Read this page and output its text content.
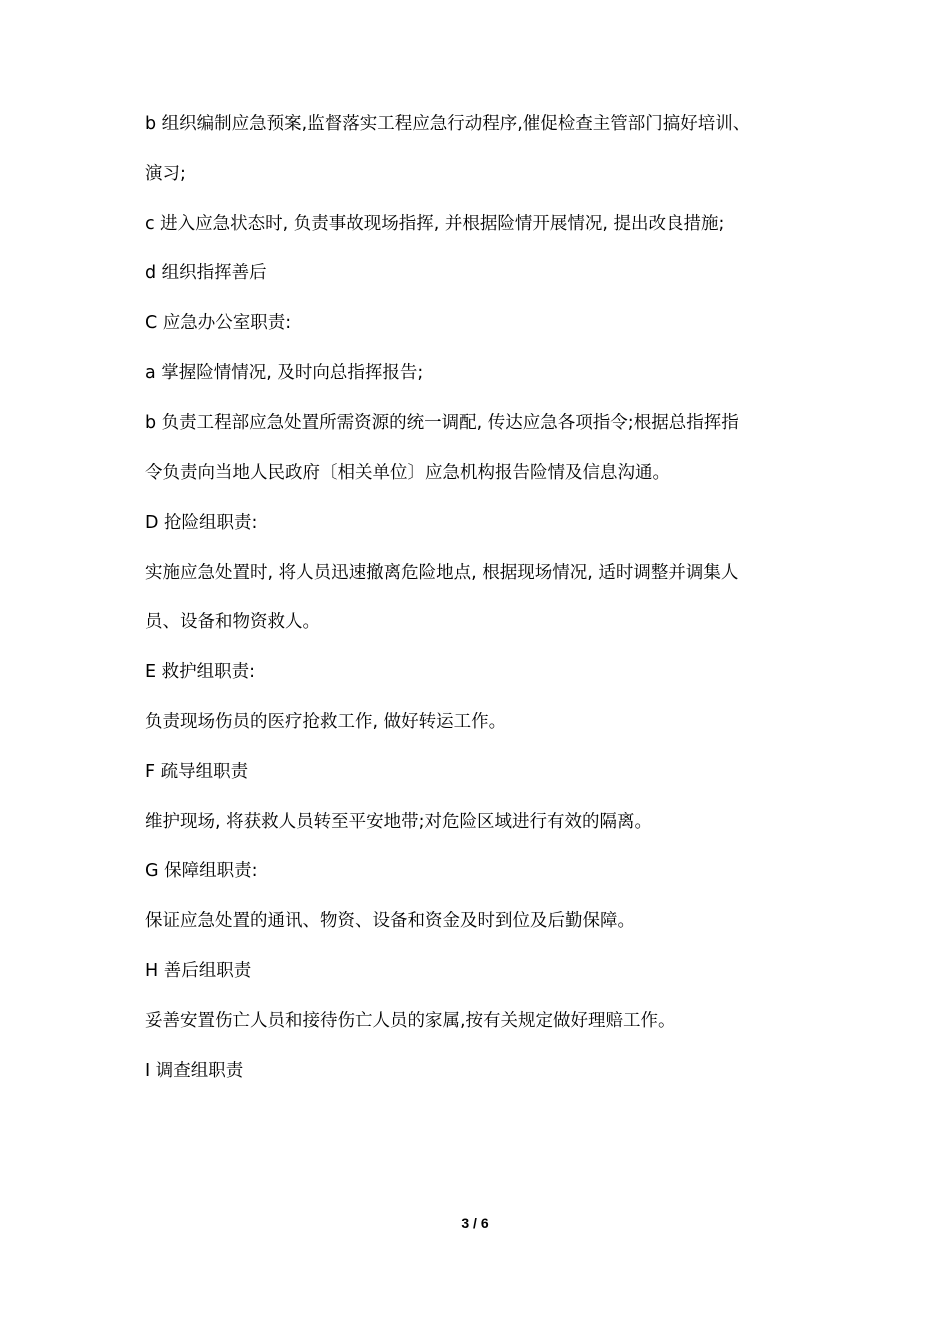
b 组织编制应急预案,监督落实工程应急行动程序,催促检查主管部门搞好培训、
演习;
c 进入应急状态时, 负责事故现场指挥, 并根据险情开展情况, 提出改良措施;
d 组织指挥善后
C 应急办公室职责:
a 掌握险情情况, 及时向总指挥报告;
b 负责工程部应急处置所需资源的统一调配, 传达应急各项指令;根据总指挥指
令负责向当地人民政府〔相关单位〕应急机构报告险情及信息沟通。
D 抢险组职责:
实施应急处置时, 将人员迅速撤离危险地点, 根据现场情况, 适时调整并调集人
员、设备和物资救人。
E 救护组职责:
负责现场伤员的医疗抢救工作, 做好转运工作。
F 疏导组职责
维护现场, 将获救人员转至平安地带;对危险区域进行有效的隔离。
G 保障组职责:
保证应急处置的通讯、物资、设备和资金及时到位及后勤保障。
H 善后组职责
妥善安置伤亡人员和接待伤亡人员的家属,按有关规定做好理赔工作。
I 调查组职责
3 / 6
